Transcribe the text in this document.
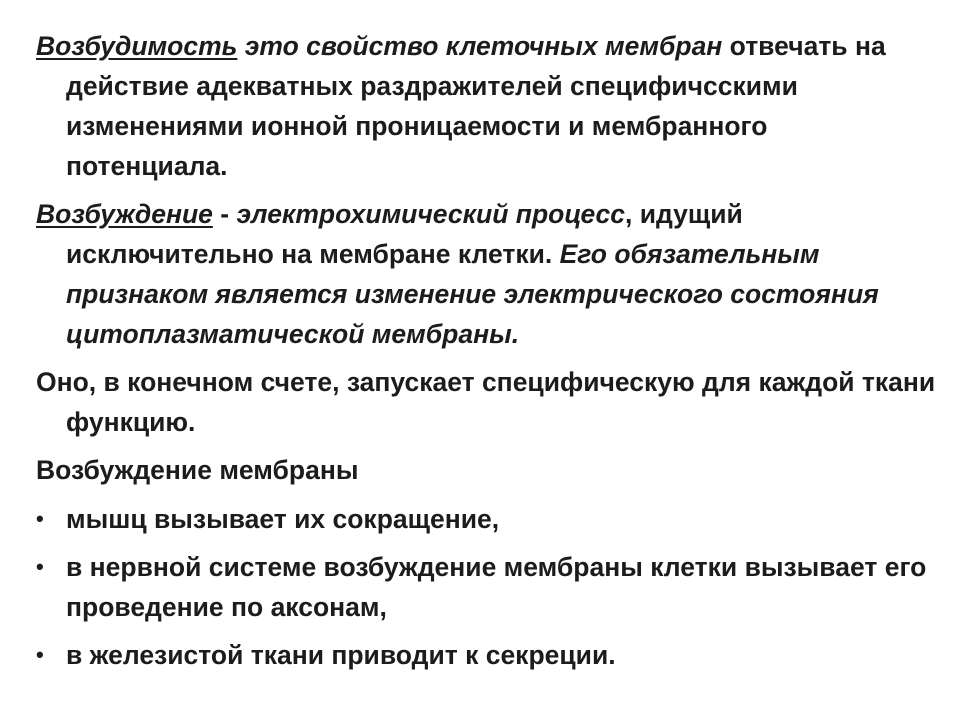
Возбудимость это свойство клеточных мембран отвечать на действие адекватных раздражителей специфичсскими изменениями ионной проницаемости и мембранного потенциала.
Возбуждение - электрохимический процесс, идущий исключительно на мембране клетки. Его обязательным признаком является изменение электрического состояния цитоплазматической мембраны.
Оно, в конечном счете, запускает специфическую для каждой ткани функцию.
Возбуждение мембраны
• мышц вызывает их сокращение,
• в нервной системе возбуждение мембраны клетки вызывает его проведение по аксонам,
• в железистой ткани приводит к секреции.
